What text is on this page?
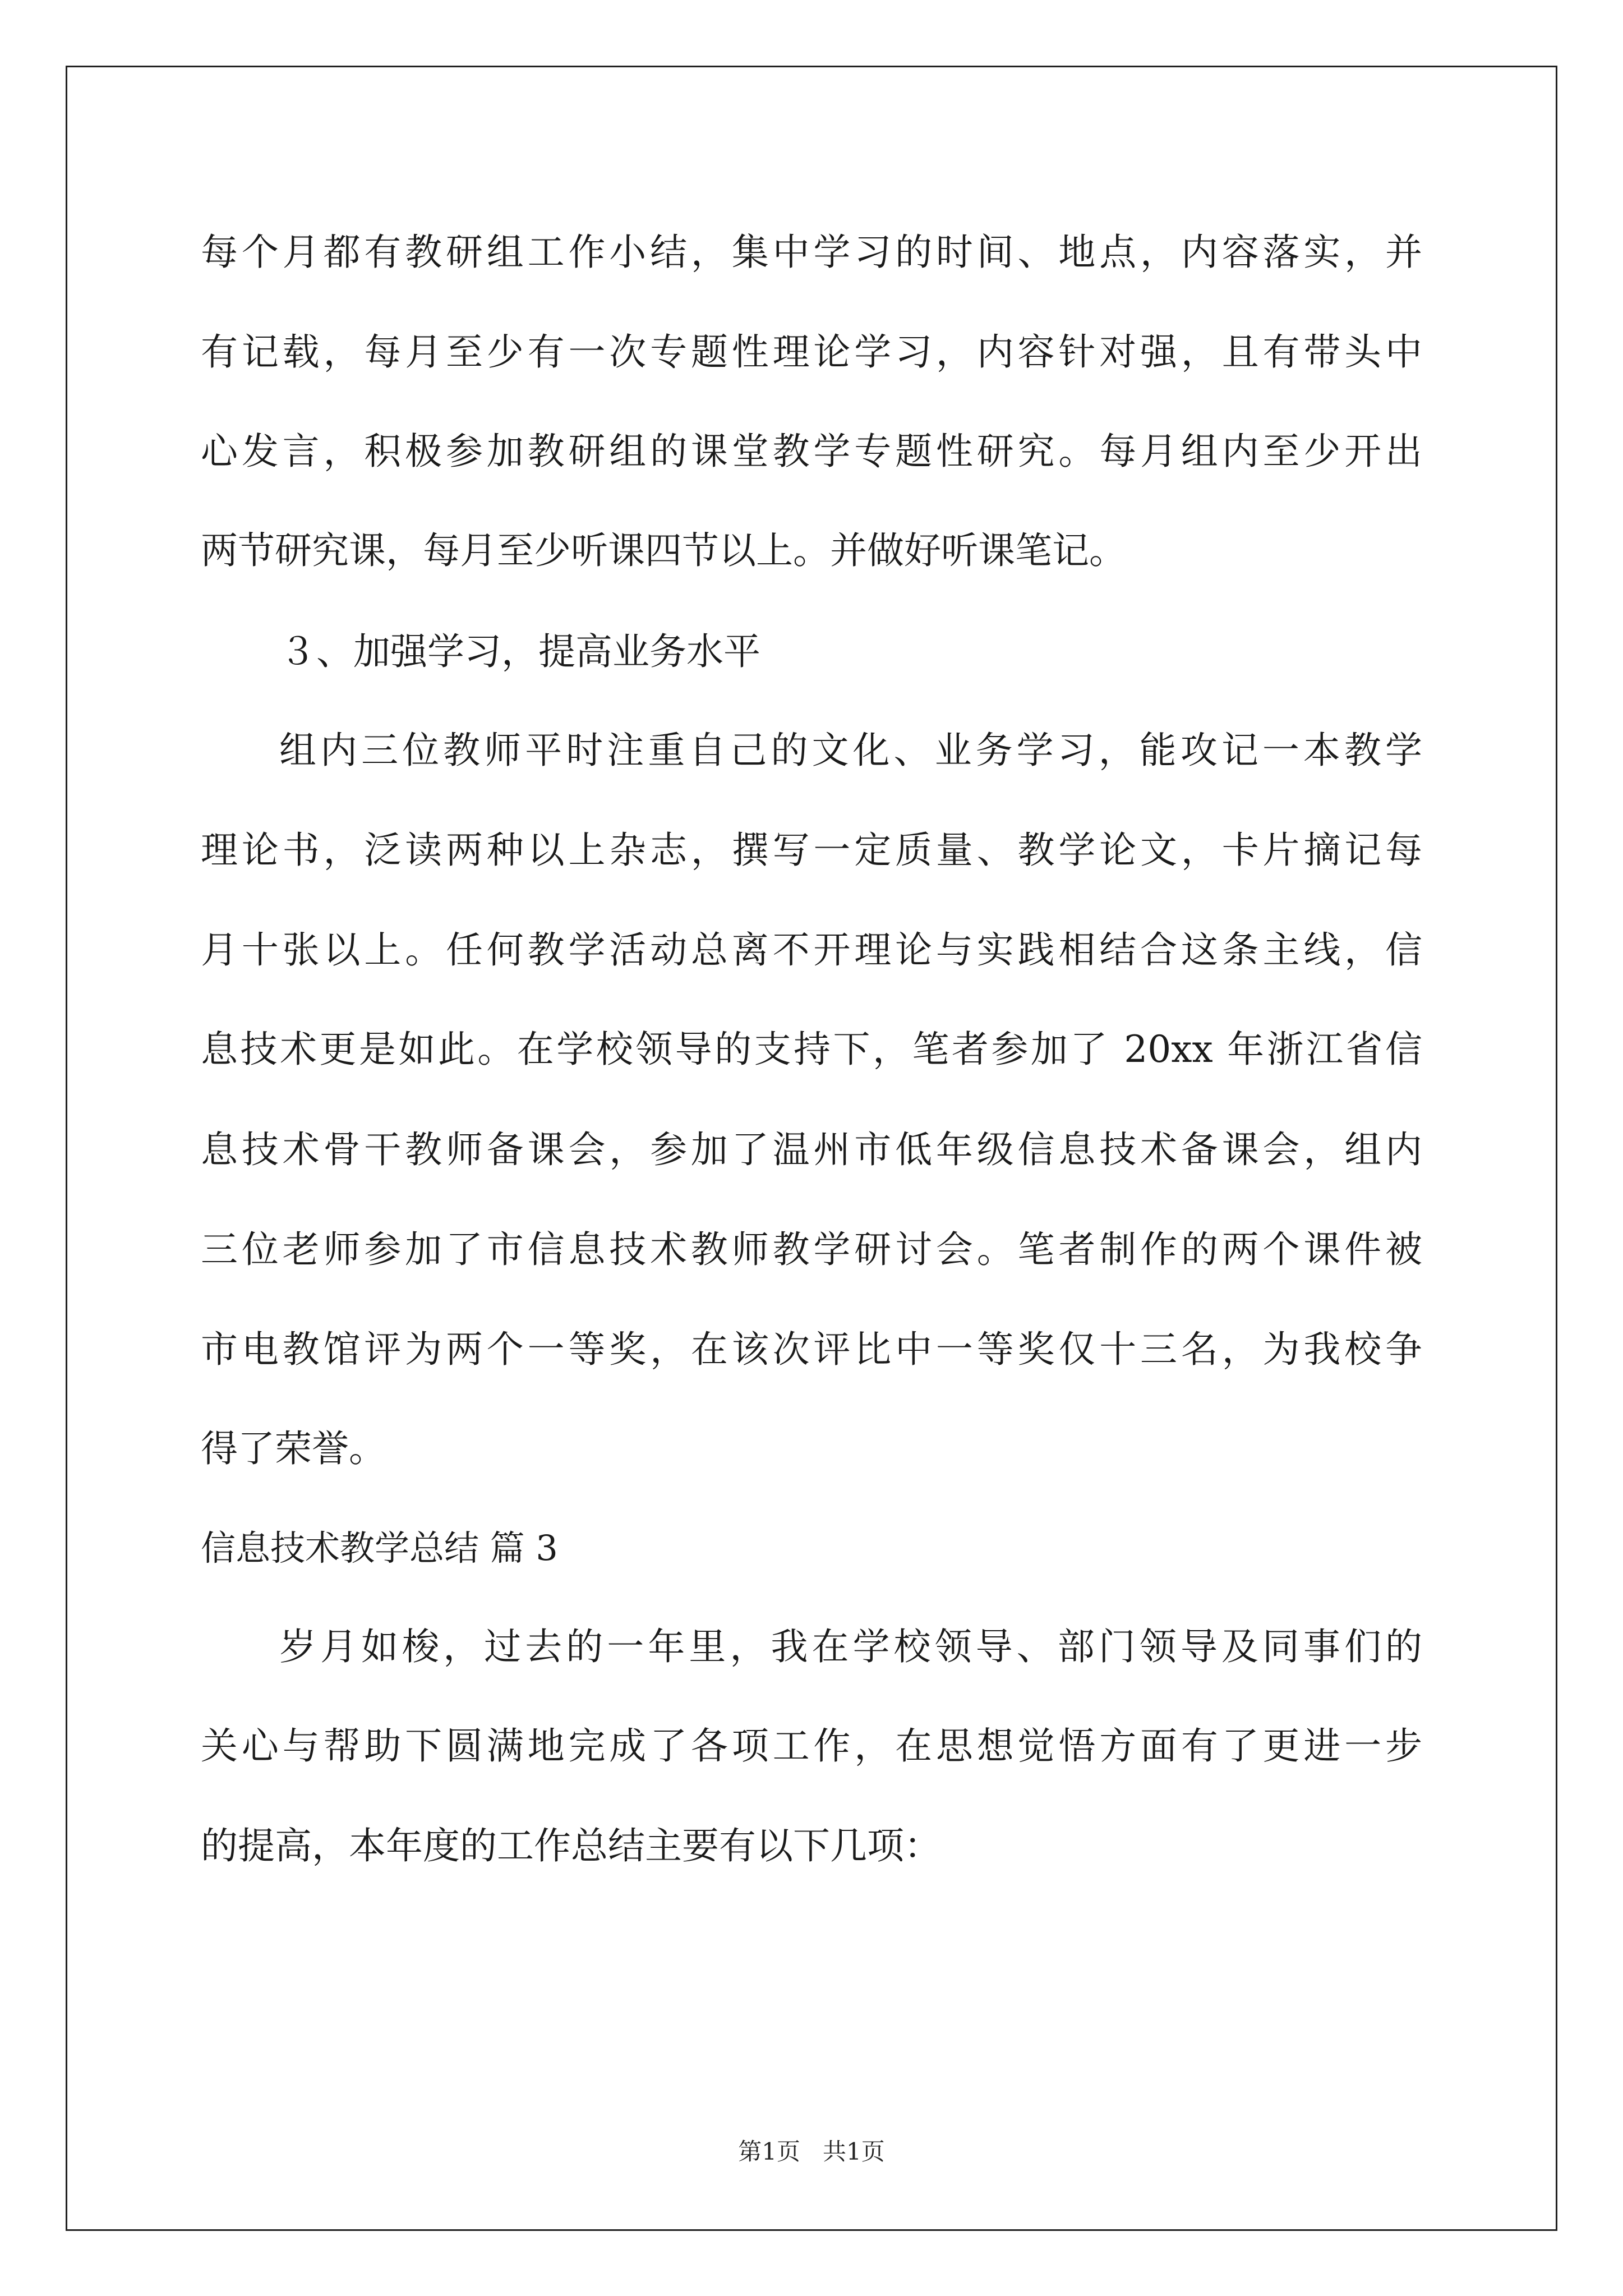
每个月都有教研组工作小结，集中学习的时间、地点，内容落实，并
有记载，每月至少有一次专题性理论学习，内容针对强，且有带头中
心发言，积极参加教研组的课堂教学专题性研究。每月组内至少开出
两节研究课，每月至少听课四节以上。并做好听课笔记。
３、加强学习，提高业务水平
组内三位教师平时注重自己的文化、业务学习，能攻记一本教学
理论书，泛读两种以上杂志，撰写一定质量、教学论文，卡片摘记每
月十张以上。任何教学活动总离不开理论与实践相结合这条主线，信
息技术更是如此。在学校领导的支持下，笔者参加了 20xx 年浙江省信
息技术骨干教师备课会，参加了温州市低年级信息技术备课会，组内
三位老师参加了市信息技术教师教学研讨会。笔者制作的两个课件被
市电教馆评为两个一等奖，在该次评比中一等奖仅十三名，为我校争
得了荣誉。
信息技术教学总结 篇 3
岁月如梭，过去的一年里，我在学校领导、部门领导及同事们的
关心与帮助下圆满地完成了各项工作，在思想觉悟方面有了更进一步
的提高，本年度的工作总结主要有以下几项：
第1页   共1页
